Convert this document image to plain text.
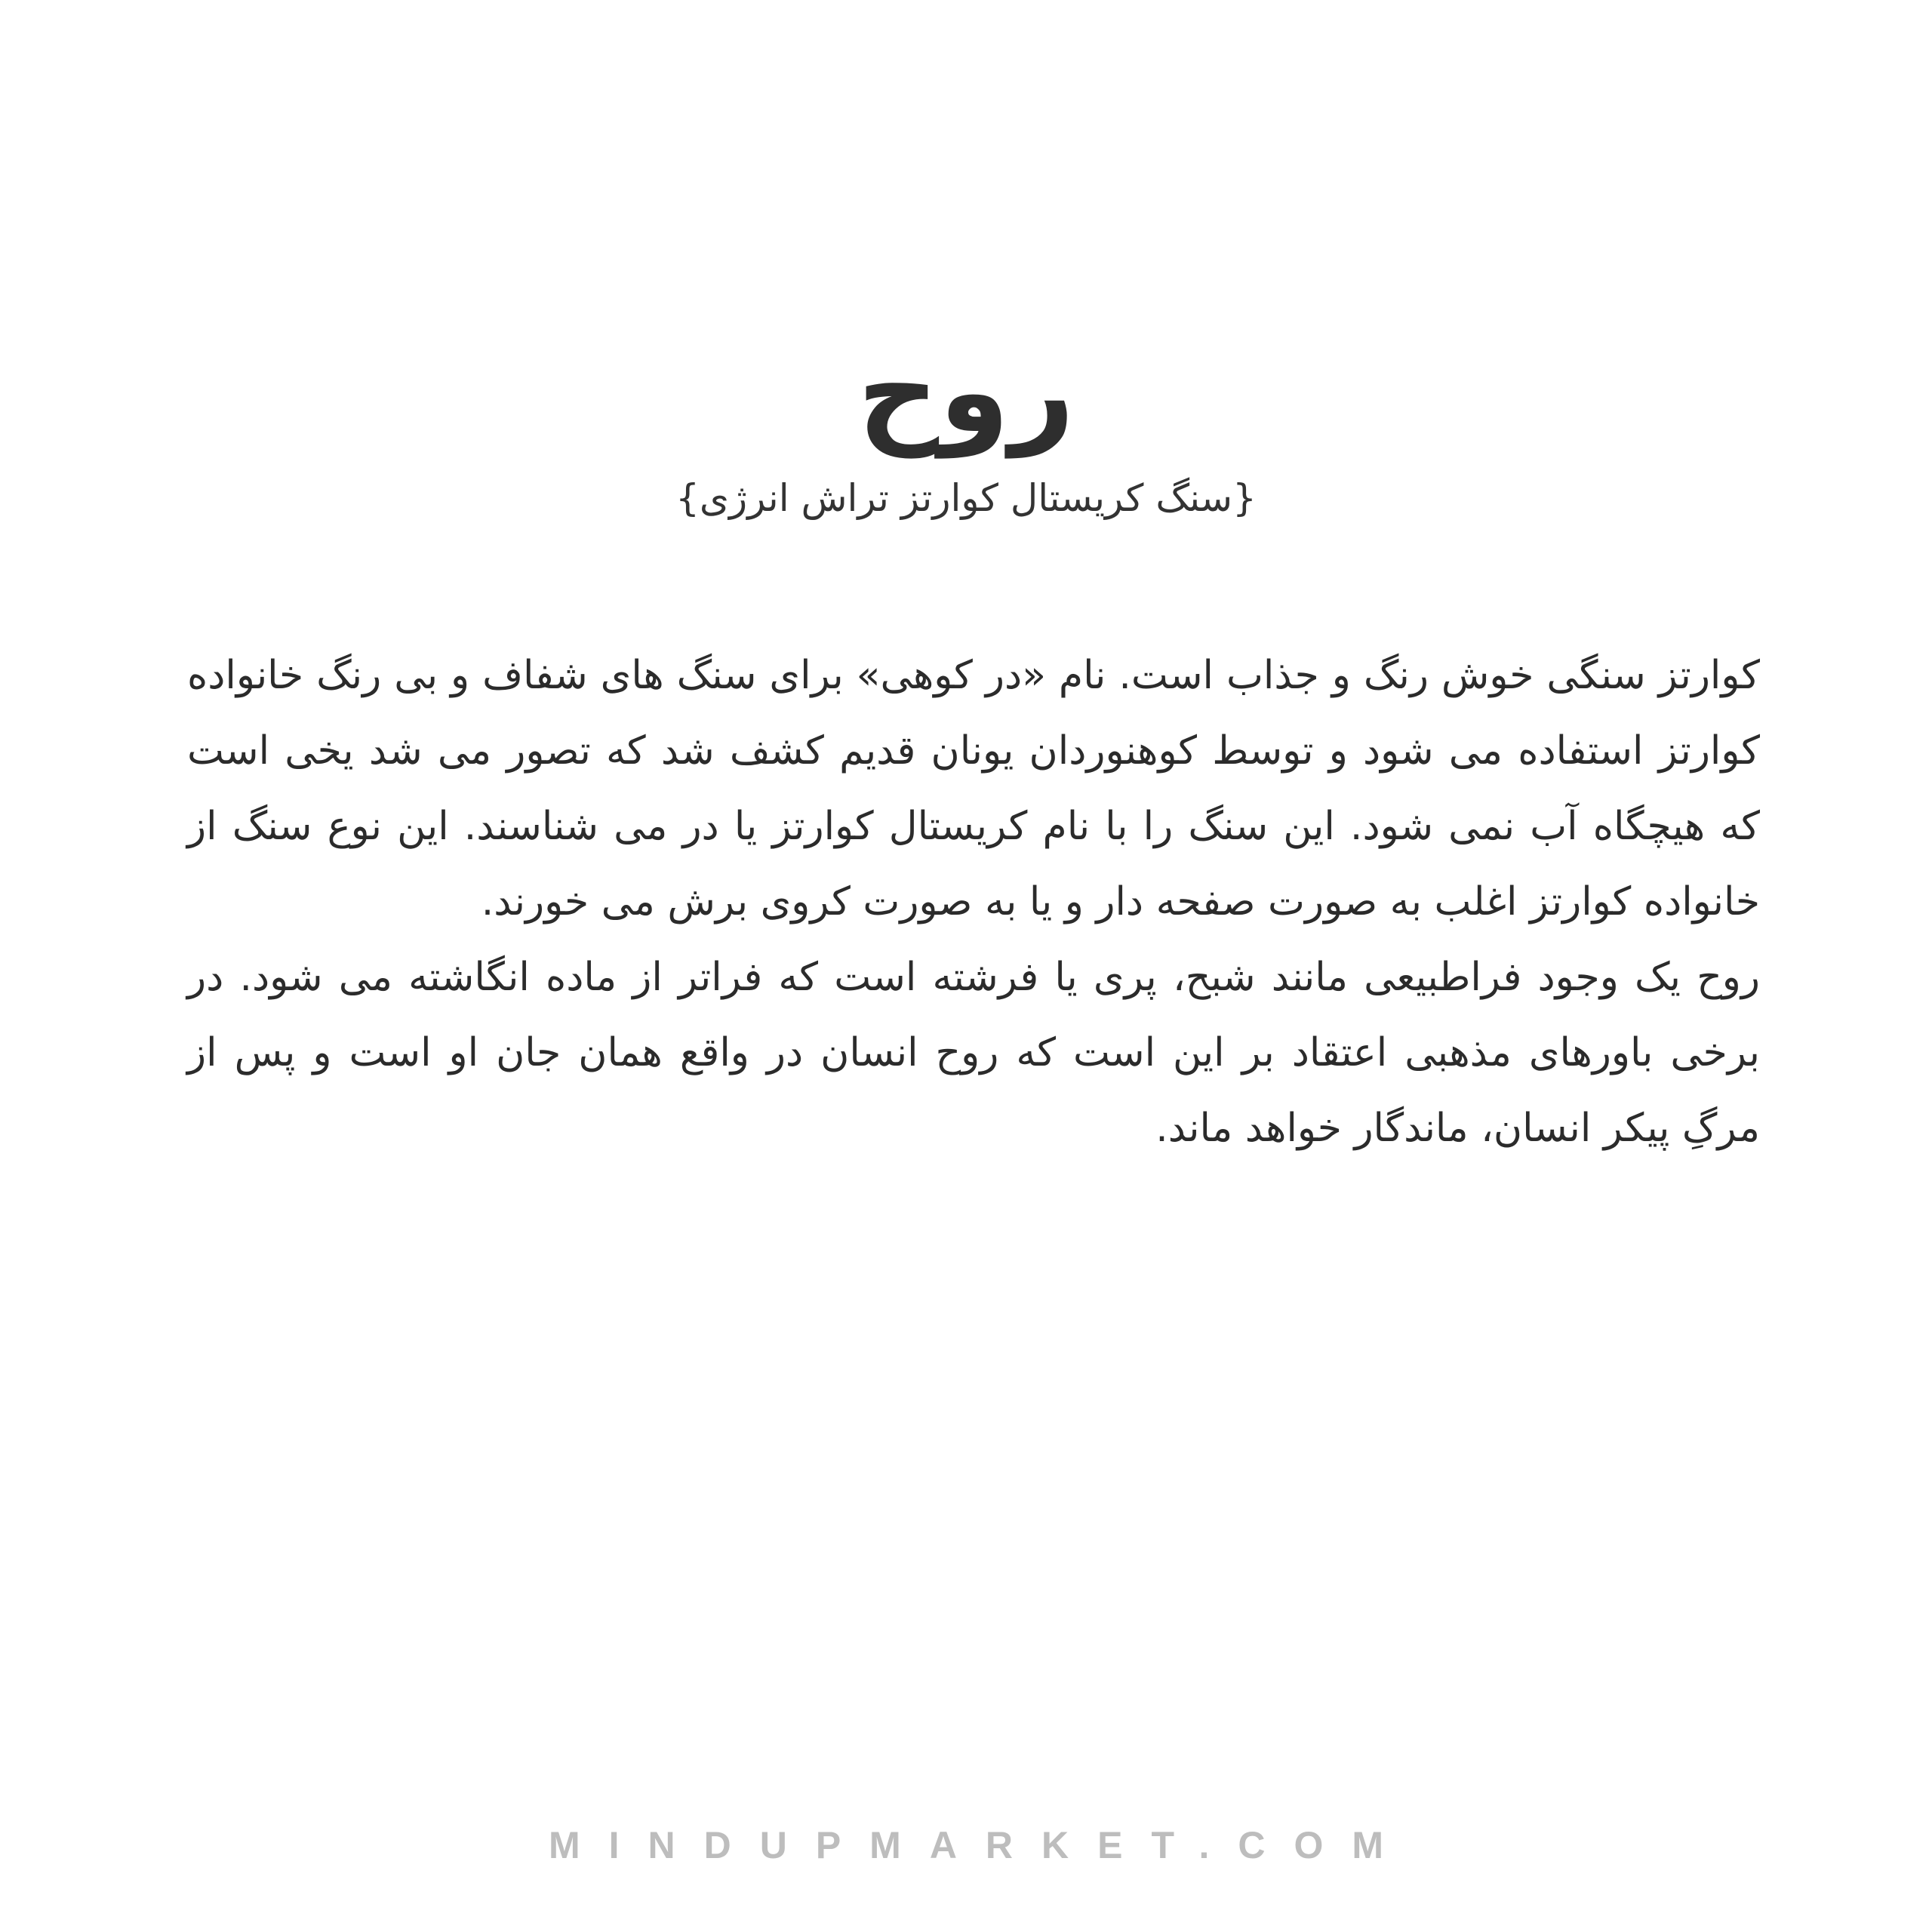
روح
{سنگ کریستال کوارتز تراش انرژی}

کوارتز سنگی خوش رنگ و جذاب است. نام «در کوهی» برای سنگ های شفاف و بی رنگ خانواده کوارتز استفاده می شود و توسط کوهنوردان یونان قدیم کشف شد که تصور می شد یخی است که هیچگاه آب نمی شود. این سنگ را با نام کریستال کوارتز یا در می شناسند. این نوع سنگ از خانواده کوارتز اغلب به صورت صفحه دار و یا به صورت کروی برش می خورند.

روح یک وجود فراطبیعی مانند شبح، پری یا فرشته است که فراتر از ماده انگاشته می شود. در برخی باورهای مذهبی اعتقاد بر این است که روح انسان در واقع همان جان او است و پس از مرگِ پیکر انسان، ماندگار خواهد ماند.

MINDUPMARKET.COM
